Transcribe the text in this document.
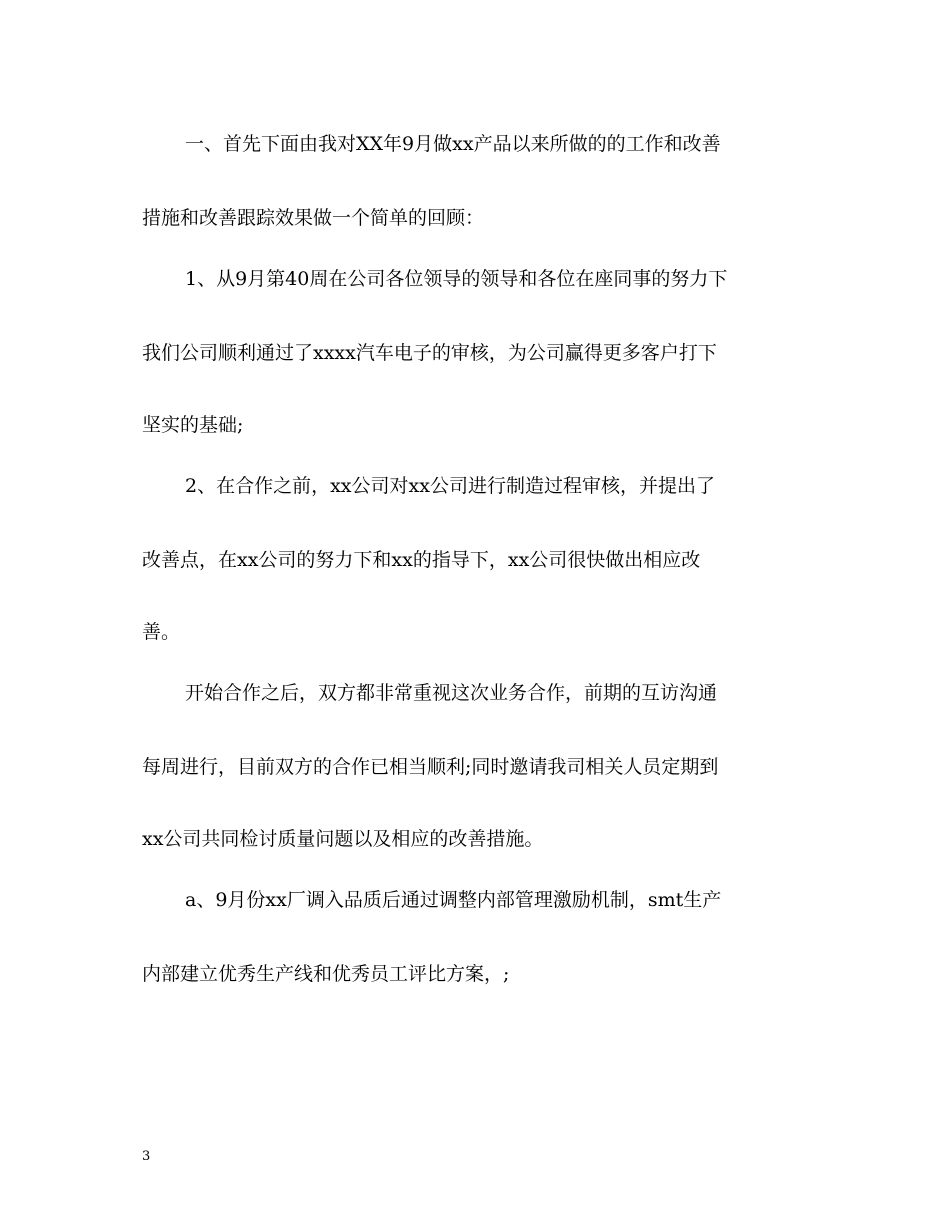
一、首先下面由我对XX年9月做xx产品以来所做的的工作和改善
措施和改善跟踪效果做一个简单的回顾：
1、从9月第40周在公司各位领导的领导和各位在座同事的努力下
我们公司顺利通过了xxxx汽车电子的审核，为公司赢得更多客户打下
坚实的基础;
2、在合作之前，xx公司对xx公司进行制造过程审核，并提出了
改善点，在xx公司的努力下和xx的指导下，xx公司很快做出相应改
善。
开始合作之后，双方都非常重视这次业务合作，前期的互访沟通
每周进行，目前双方的合作已相当顺利;同时邀请我司相关人员定期到
xx公司共同检讨质量问题以及相应的改善措施。
a、9月份xx厂调入品质后通过调整内部管理激励机制，smt生产
内部建立优秀生产线和优秀员工评比方案，;
3
